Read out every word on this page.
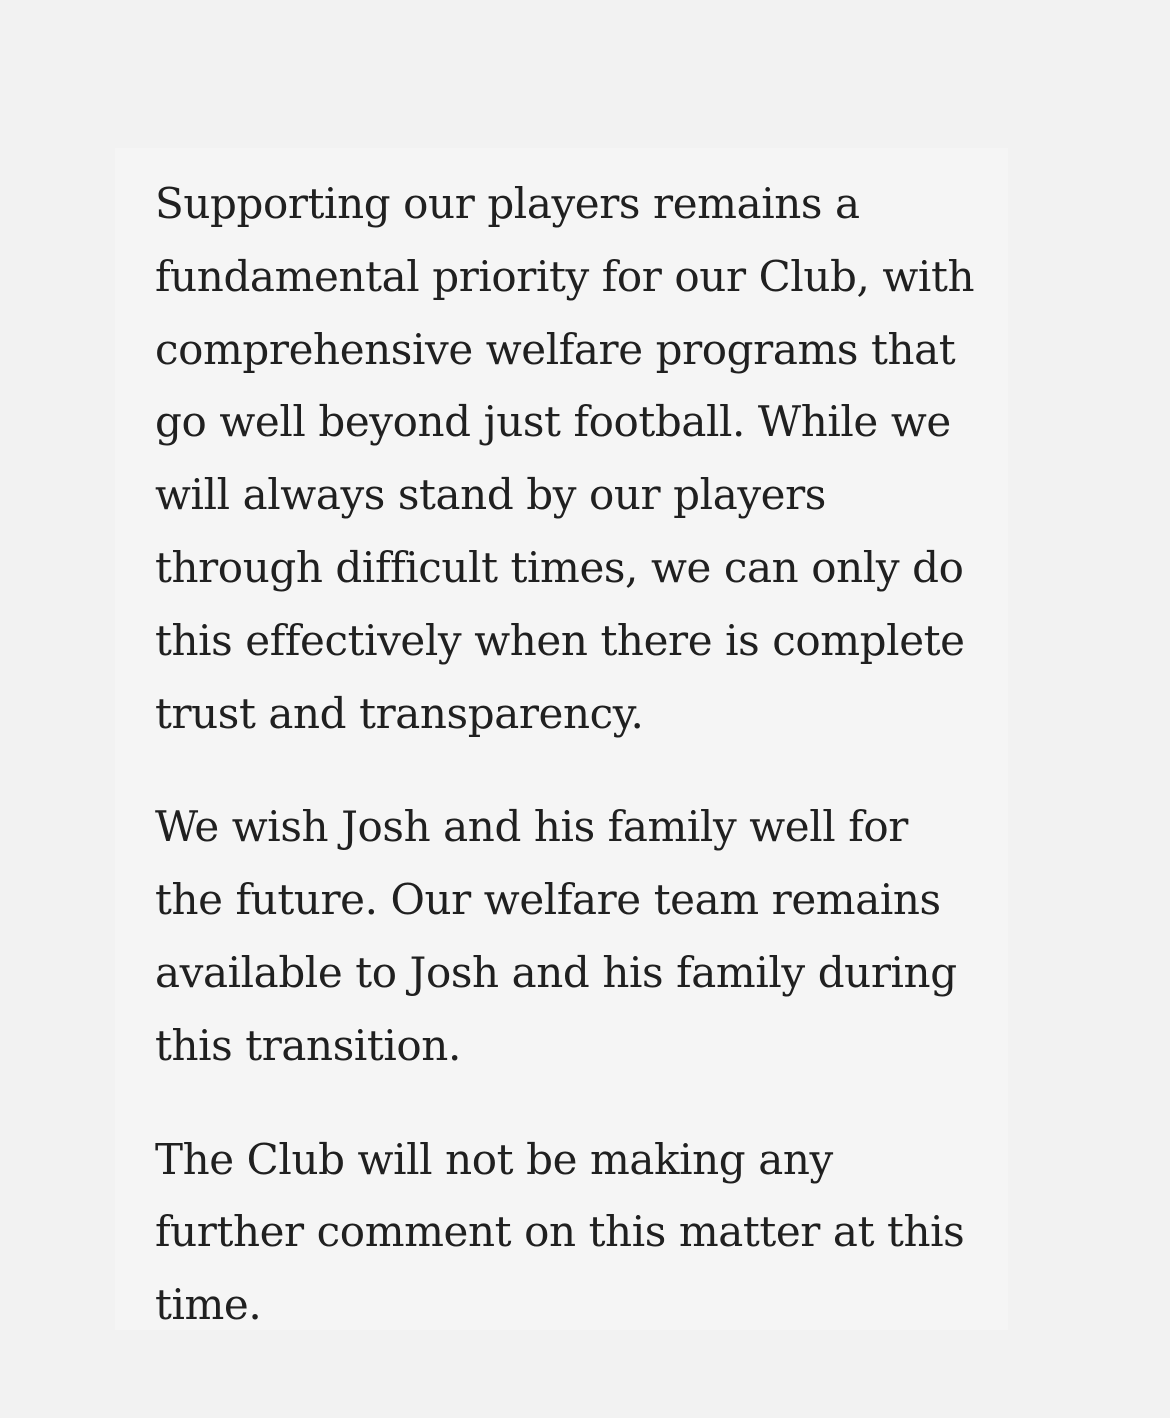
Supporting our players remains a fundamental priority for our Club, with comprehensive welfare programs that go well beyond just football. While we will always stand by our players through difficult times, we can only do this effectively when there is complete trust and transparency.

We wish Josh and his family well for the future. Our welfare team remains available to Josh and his family during this transition.

The Club will not be making any further comment on this matter at this time.
